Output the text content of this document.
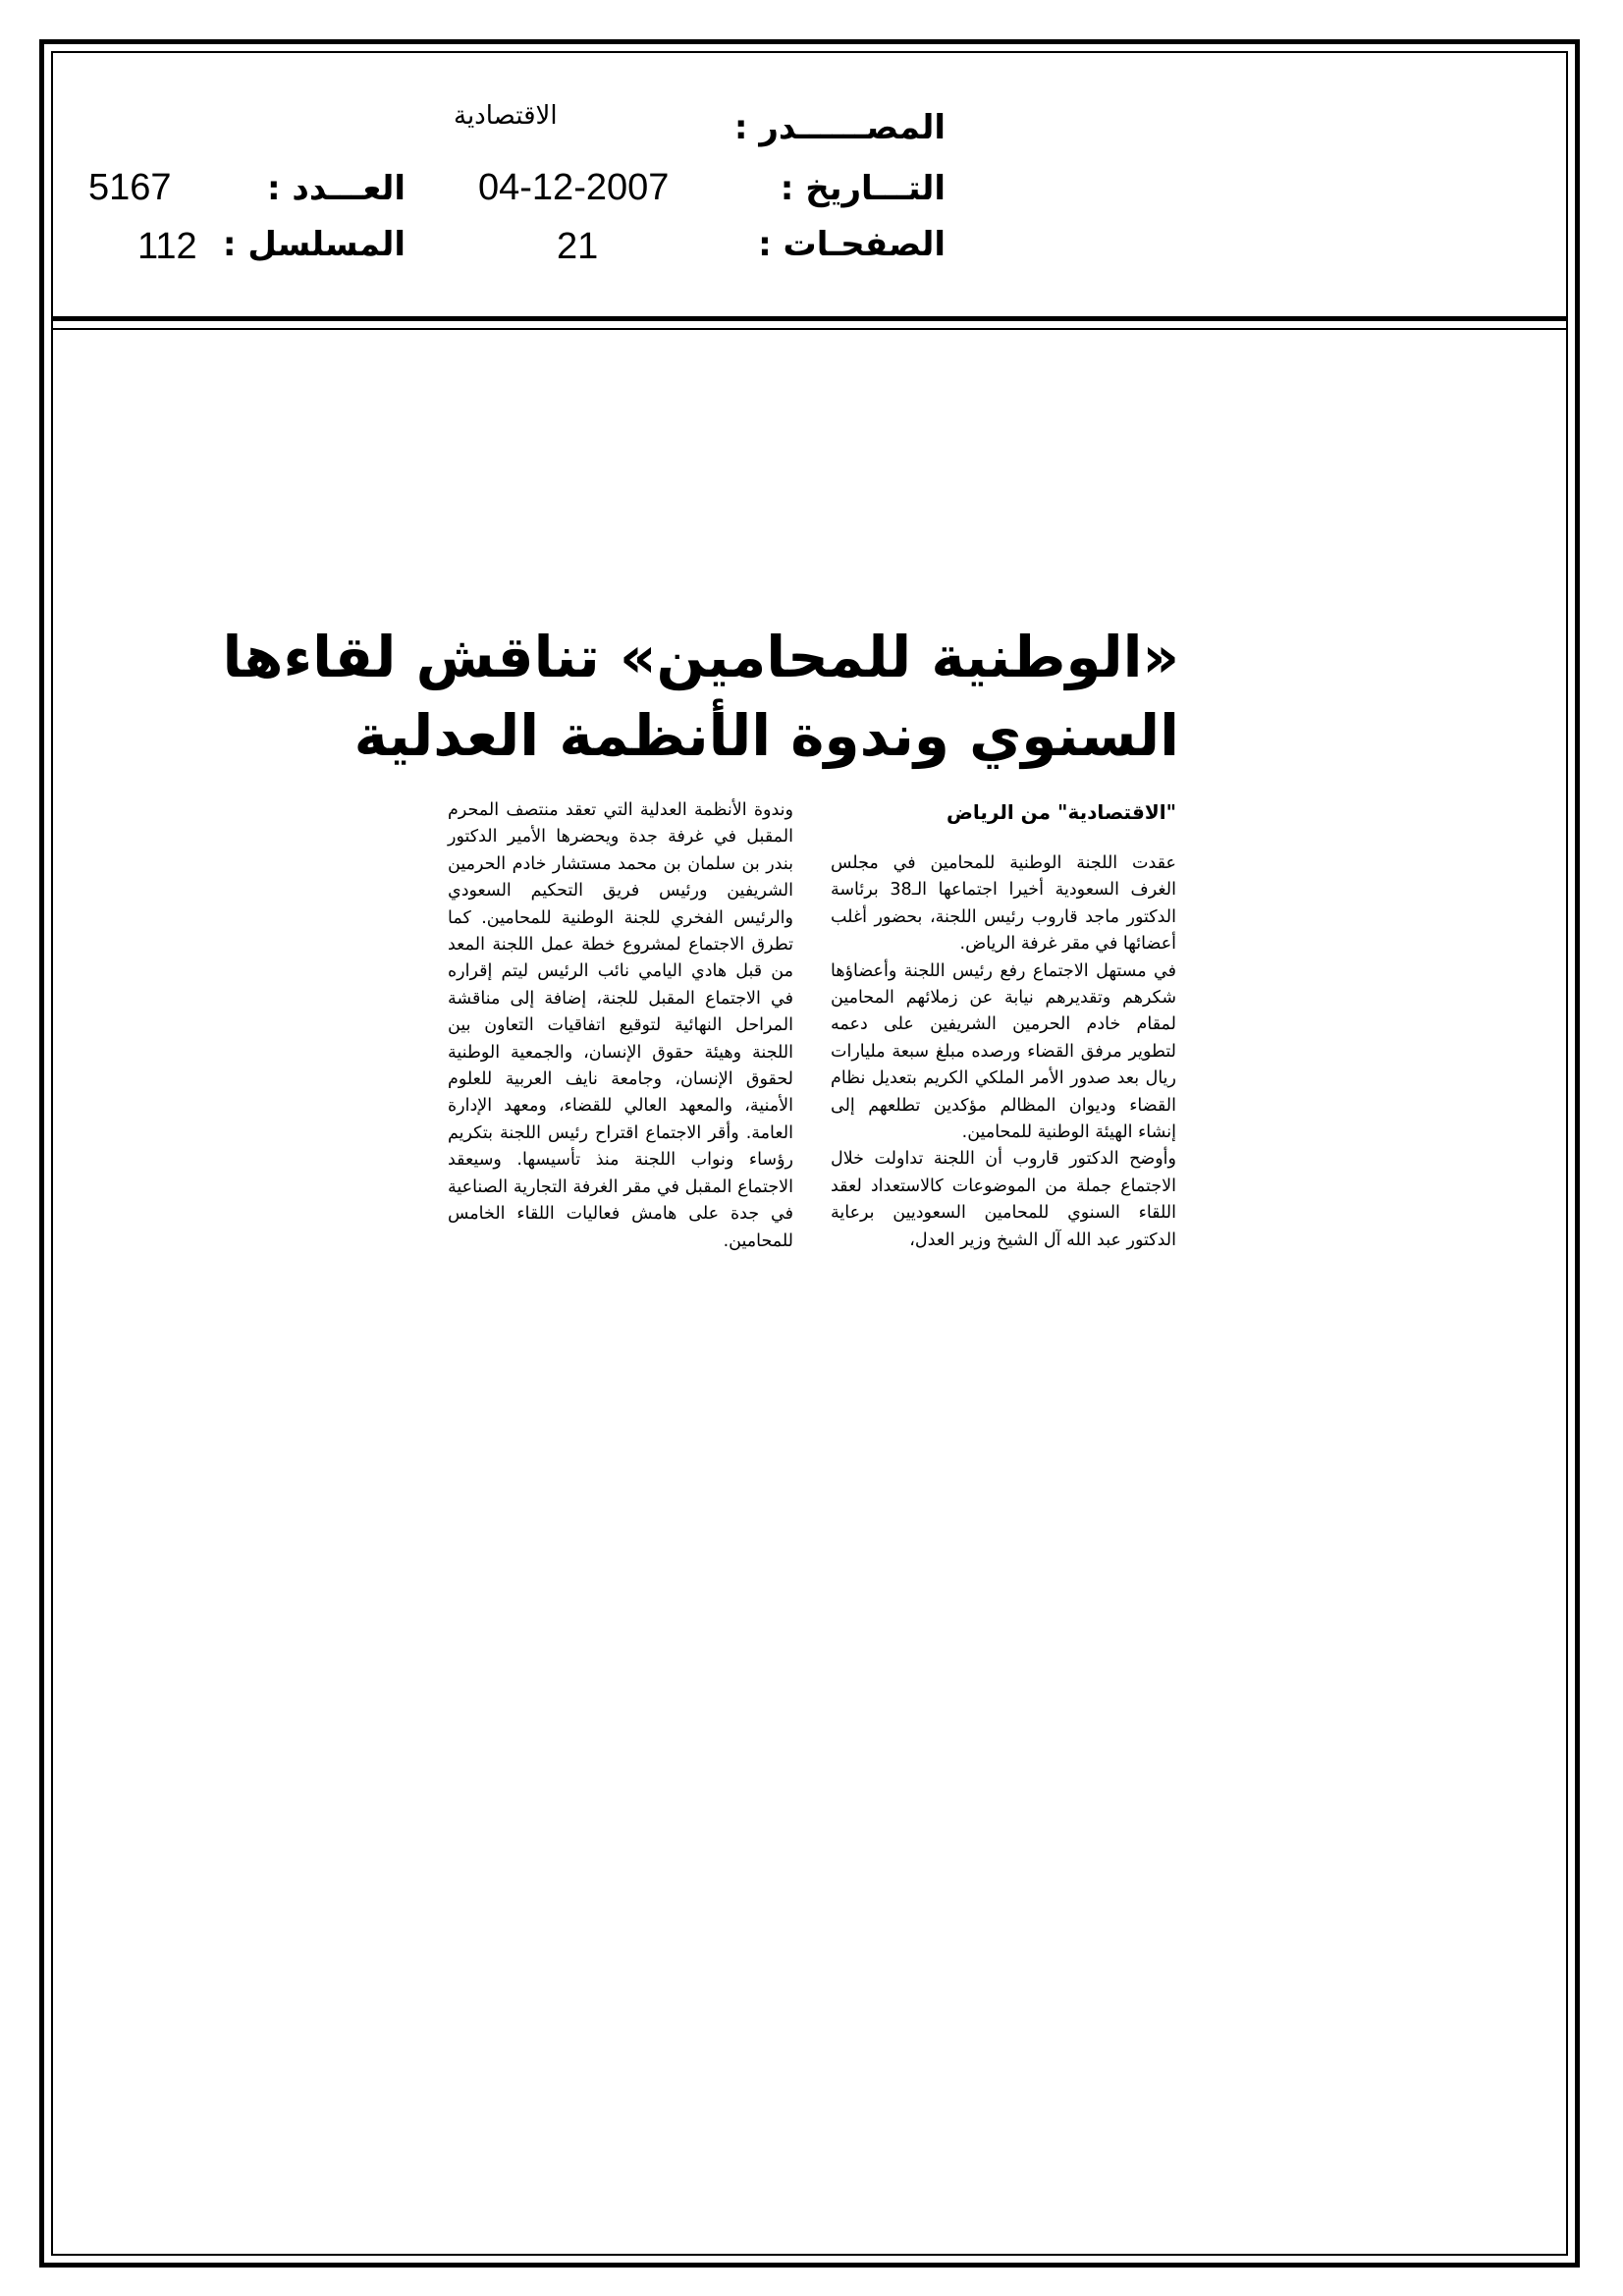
المصــــــدر :
الاقتصادية
التـــاريخ :
04-12-2007
الصفحـات :
21
العـــدد :
5167
المسلسل :
112
«الوطنية للمحامين» تناقش لقاءها
السنوي وندوة الأنظمة العدلية
"الاقتصادية" من الرياض

عقدت اللجنة الوطنية للمحامين في مجلس الغرف السعودية أخيرا اجتماعها الـ38 برئاسة الدكتور ماجد قاروب رئيس اللجنة، بحضور أغلب أعضائها في مقر غرفة الرياض.

في مستهل الاجتماع رفع رئيس اللجنة وأعضاؤها شكرهم وتقديرهم نيابة عن زملائهم المحامين لمقام خادم الحرمين الشريفين على دعمه لتطوير مرفق القضاء ورصده مبلغ سبعة مليارات ريال بعد صدور الأمر الملكي الكريم بتعديل نظام القضاء وديوان المظالم مؤكدين تطلعهم إلى إنشاء الهيئة الوطنية للمحامين.

وأوضح الدكتور قاروب أن اللجنة تداولت خلال الاجتماع جملة من الموضوعات كالاستعداد لعقد اللقاء السنوي للمحامين السعوديين برعاية الدكتور عبد الله آل الشيخ وزير العدل،

وندوة الأنظمة العدلية التي تعقد منتصف المحرم المقبل في غرفة جدة ويحضرها الأمير الدكتور بندر بن سلمان بن محمد مستشار خادم الحرمين الشريفين ورئيس فريق التحكيم السعودي والرئيس الفخري للجنة الوطنية للمحامين. كما تطرق الاجتماع لمشروع خطة عمل اللجنة المعد من قبل هادي اليامي نائب الرئيس ليتم إقراره في الاجتماع المقبل للجنة، إضافة إلى مناقشة المراحل النهائية لتوقيع اتفاقيات التعاون بين اللجنة وهيئة حقوق الإنسان، والجمعية الوطنية لحقوق الإنسان، وجامعة نايف العربية للعلوم الأمنية، والمعهد العالي للقضاء، ومعهد الإدارة العامة. وأقر الاجتماع اقتراح رئيس اللجنة بتكريم رؤساء ونواب اللجنة منذ تأسيسها. وسيعقد الاجتماع المقبل في مقر الغرفة التجارية الصناعية في جدة على هامش فعاليات اللقاء الخامس للمحامين.
